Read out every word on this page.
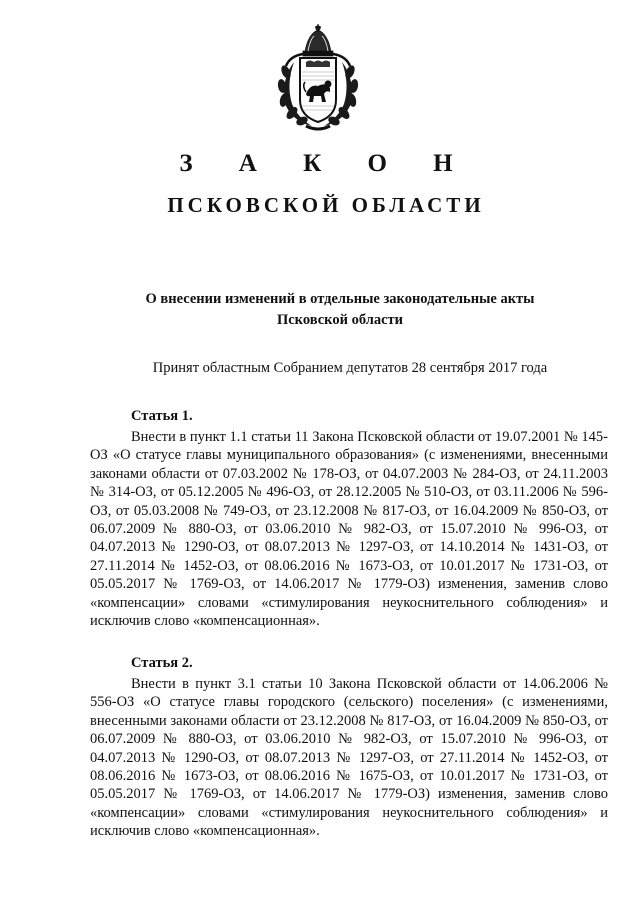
З А К О Н
ПСКОВСКОЙ ОБЛАСТИ
О внесении изменений в отдельные законодательные акты
Псковской области
Принят областным Собранием депутатов 28 сентября 2017 года
Статья 1.

Внести в пункт 1.1 статьи 11 Закона Псковской области от 19.07.2001 № 145-ОЗ «О статусе главы муниципального образования» (с изменениями, внесенными законами области от 07.03.2002 № 178-ОЗ, от 04.07.2003 № 284-ОЗ, от 24.11.2003 № 314-ОЗ, от 05.12.2005 № 496-ОЗ, от 28.12.2005 № 510-ОЗ, от 03.11.2006 № 596-ОЗ, от 05.03.2008 № 749-ОЗ, от 23.12.2008 № 817-ОЗ, от 16.04.2009 № 850-ОЗ, от 06.07.2009 № 880-ОЗ, от 03.06.2010 № 982-ОЗ, от 15.07.2010 № 996-ОЗ, от 04.07.2013 № 1290-ОЗ, от 08.07.2013 № 1297-ОЗ, от 14.10.2014 № 1431-ОЗ, от 27.11.2014 № 1452-ОЗ, от 08.06.2016 № 1673-ОЗ, от 10.01.2017 № 1731-ОЗ, от 05.05.2017 № 1769-ОЗ, от 14.06.2017 № 1779-ОЗ) изменения, заменив слово «компенсации» словами «стимулирования неукоснительного соблюдения» и исключив слово «компенсационная».

Статья 2.

Внести в пункт 3.1 статьи 10 Закона Псковской области от 14.06.2006 № 556-ОЗ «О статусе главы городского (сельского) поселения» (с изменениями, внесенными законами области от 23.12.2008 № 817-ОЗ, от 16.04.2009 № 850-ОЗ, от 06.07.2009 № 880-ОЗ, от 03.06.2010 № 982-ОЗ, от 15.07.2010 № 996-ОЗ, от 04.07.2013 № 1290-ОЗ, от 08.07.2013 № 1297-ОЗ, от 27.11.2014 № 1452-ОЗ, от 08.06.2016 № 1673-ОЗ, от 08.06.2016 № 1675-ОЗ, от 10.01.2017 № 1731-ОЗ, от 05.05.2017 № 1769-ОЗ, от 14.06.2017 № 1779-ОЗ) изменения, заменив слово «компенсации» словами «стимулирования неукоснительного соблюдения» и исключив слово «компенсационная».
